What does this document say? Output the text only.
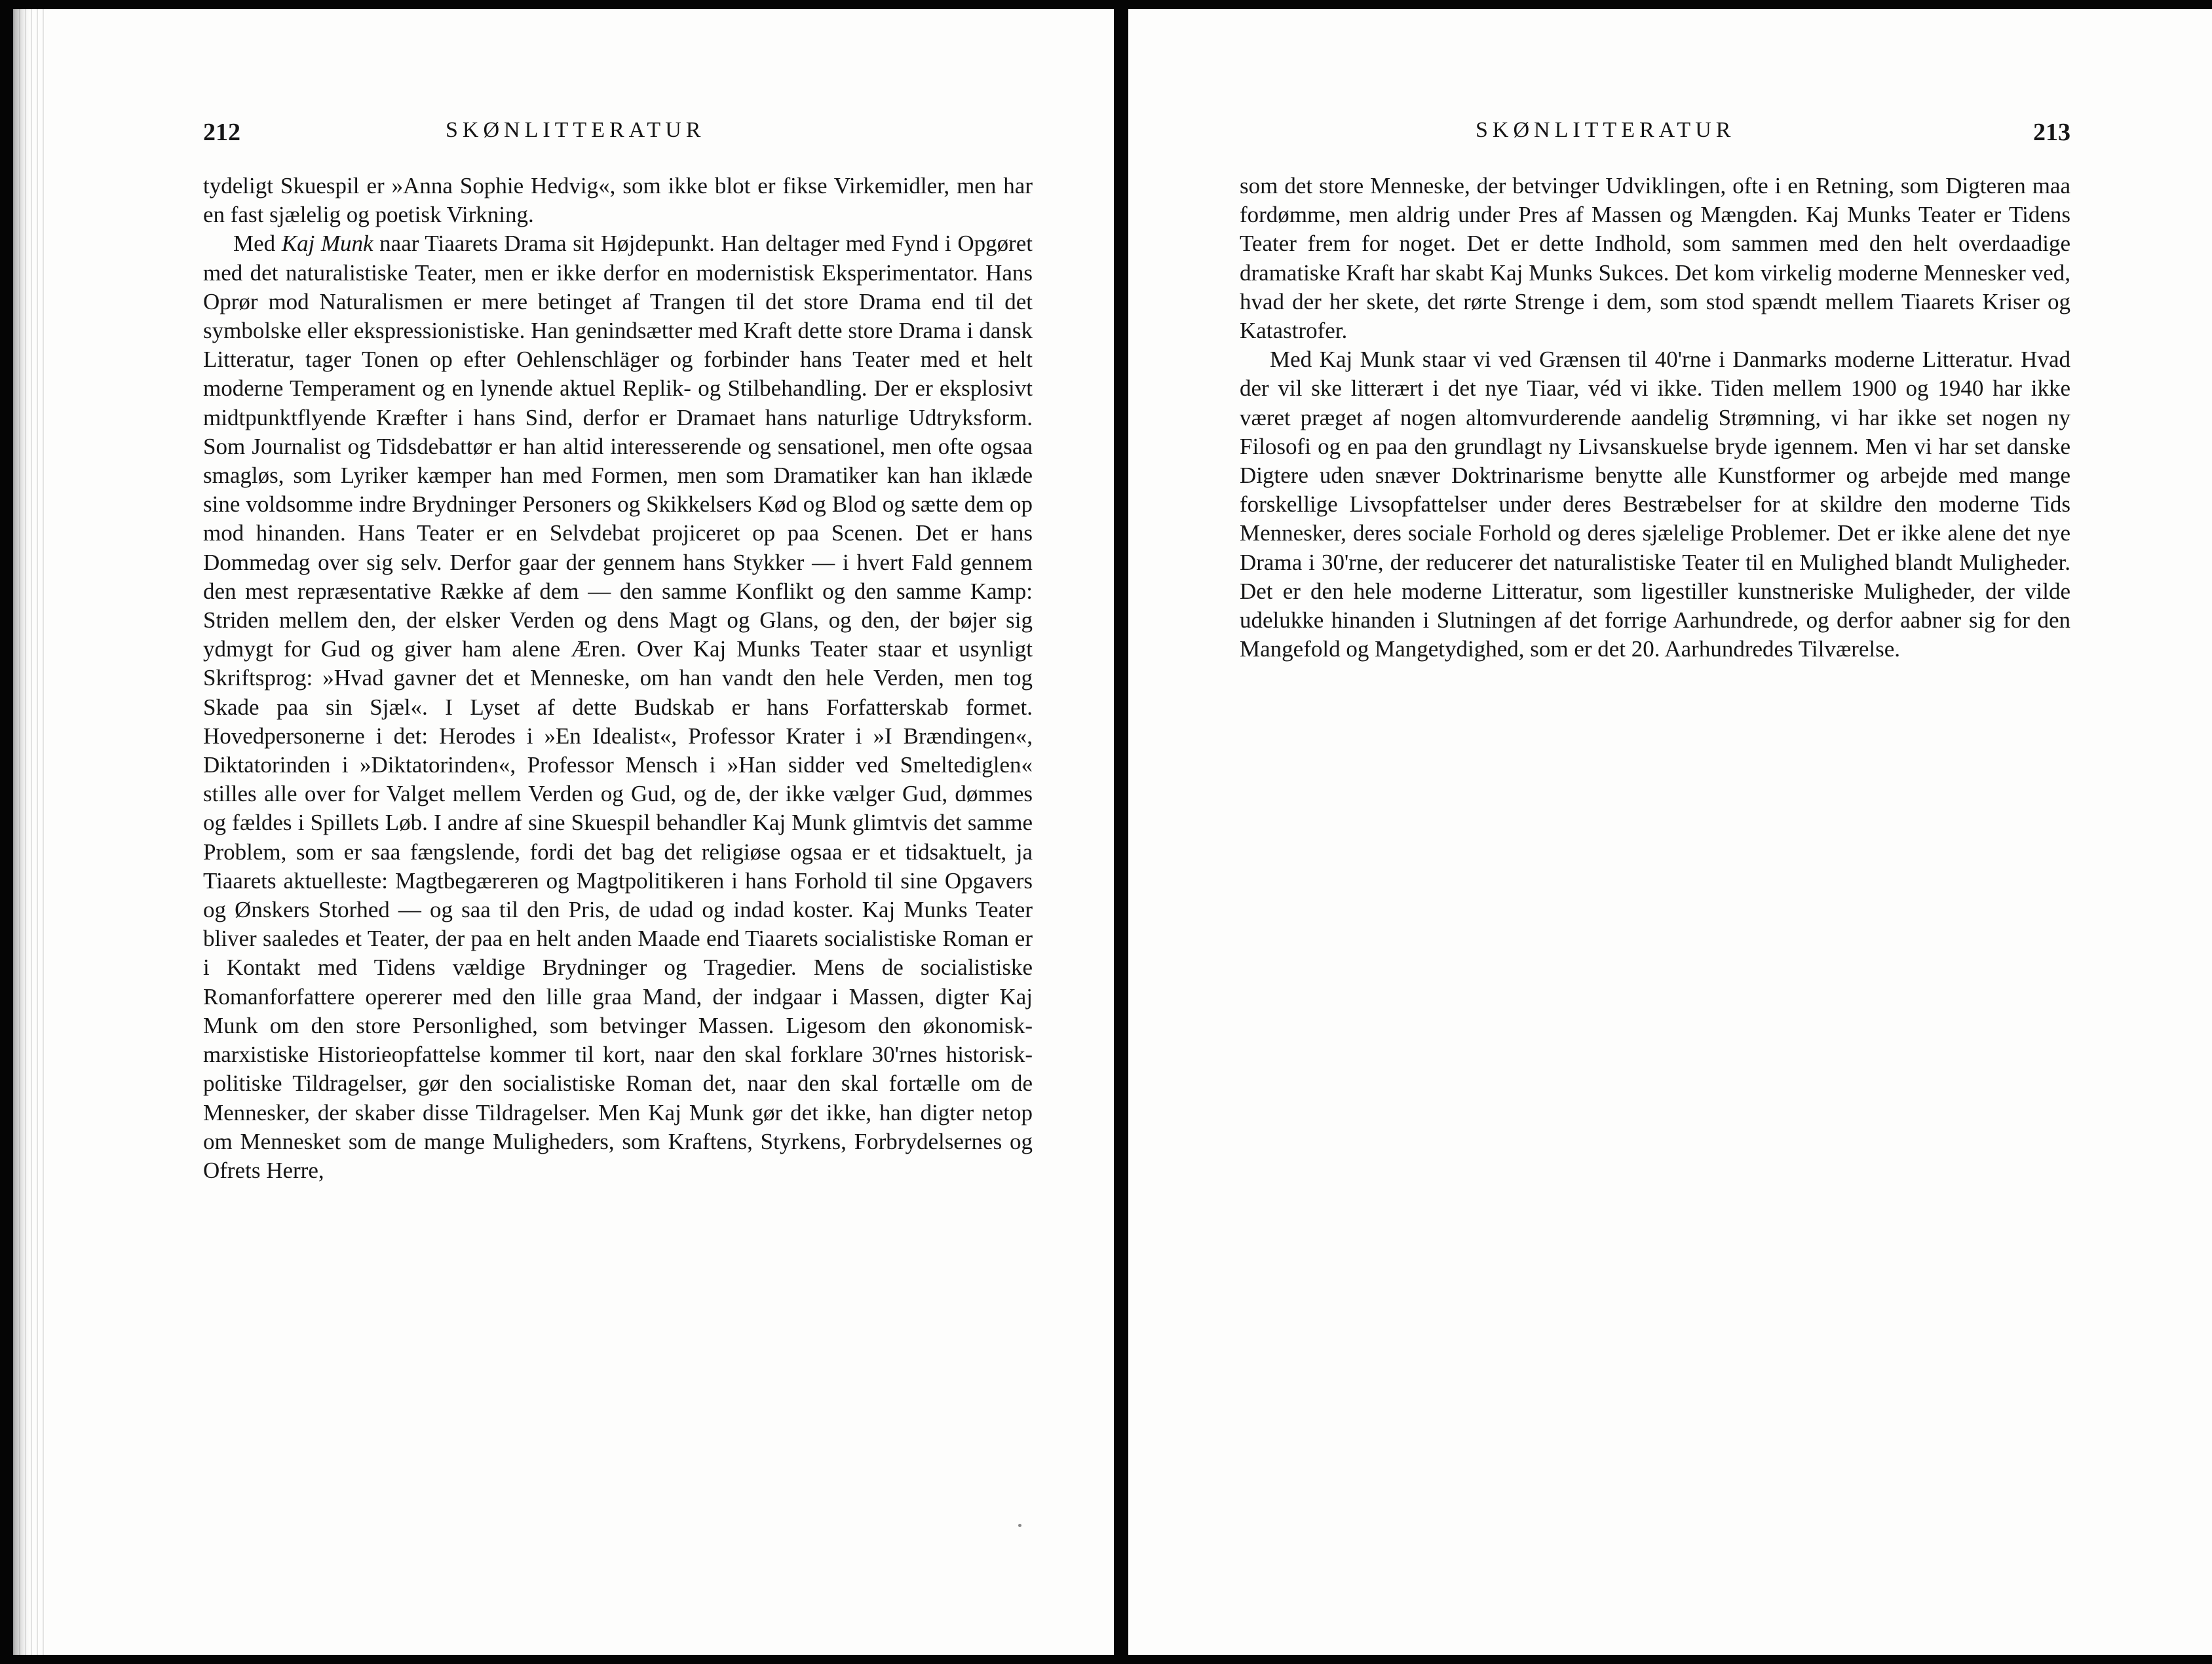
212	SKØNLITTERATUR

tydeligt Skuespil er »Anna Sophie Hedvig«, som ikke blot er fikse Virkemidler, men har en fast sjælelig og poetisk Virkning.

Med Kaj Munk naar Tiaarets Drama sit Højdepunkt. Han deltager med Fynd i Opgøret med det naturalistiske Teater, men er ikke derfor en modernistisk Eksperimentator. Hans Oprør mod Naturalismen er mere betinget af Trangen til det store Drama end til det symbolske eller ekspressionistiske. Han genindsætter med Kraft dette store Drama i dansk Litteratur, tager Tonen op efter Oehlenschläger og forbinder hans Teater med et helt moderne Temperament og en lynende aktuel Replik- og Stilbehandling. Der er eksplosivt midtpunktflyende Kræfter i hans Sind, derfor er Dramaet hans naturlige Udtryksform. Som Journalist og Tidsdebattør er han altid interesserende og sensationel, men ofte ogsaa smagløs, som Lyriker kæmper han med Formen, men som Dramatiker kan han iklæde sine voldsomme indre Brydninger Personers og Skikkelsers Kød og Blod og sætte dem op mod hinanden. Hans Teater er en Selvdebat projiceret op paa Scenen. Det er hans Dommedag over sig selv. Derfor gaar der gennem hans Stykker — i hvert Fald gennem den mest repræsentative Række af dem — den samme Konflikt og den samme Kamp: Striden mellem den, der elsker Verden og dens Magt og Glans, og den, der bøjer sig ydmygt for Gud og giver ham alene Æren. Over Kaj Munks Teater staar et usynligt Skriftsprog: »Hvad gavner det et Menneske, om han vandt den hele Verden, men tog Skade paa sin Sjæl«. I Lyset af dette Budskab er hans Forfatterskab formet. Hovedpersonerne i det: Herodes i »En Idealist«, Professor Krater i »I Brændingen«, Diktatorinden i »Diktatorinden«, Professor Mensch i »Han sidder ved Smeltediglen« stilles alle over for Valget mellem Verden og Gud, og de, der ikke vælger Gud, dømmes og fældes i Spillets Løb. I andre af sine Skuespil behandler Kaj Munk glimtvis det samme Problem, som er saa fængslende, fordi det bag det religiøse ogsaa er et tidsaktuelt, ja Tiaarets aktuelleste: Magtbegæreren og Magtpolitikeren i hans Forhold til sine Opgavers og Ønskers Storhed — og saa til den Pris, de udad og indad koster. Kaj Munks Teater bliver saaledes et Teater, der paa en helt anden Maade end Tiaarets socialistiske Roman er i Kontakt med Tidens vældige Brydninger og Tragedier. Mens de socialistiske Romanforfattere opererer med den lille graa Mand, der indgaar i Massen, digter Kaj Munk om den store Personlighed, som betvinger Massen. Ligesom den økonomisk-marxistiske Historieopfattelse kommer til kort, naar den skal forklare 30'rnes historisk-politiske Tildragelser, gør den socialistiske Roman det, naar den skal fortælle om de Mennesker, der skaber disse Tildragelser. Men Kaj Munk gør det ikke, han digter netop om Mennesket som de mange Muligheders, som Kraftens, Styrkens, Forbrydelsernes og Ofrets Herre,

SKØNLITTERATUR	213

som det store Menneske, der betvinger Udviklingen, ofte i en Retning, som Digteren maa fordømme, men aldrig under Pres af Massen og Mængden. Kaj Munks Teater er Tidens Teater frem for noget. Det er dette Indhold, som sammen med den helt overdaadige dramatiske Kraft har skabt Kaj Munks Sukces. Det kom virkelig moderne Mennesker ved, hvad der her skete, det rørte Strenge i dem, som stod spændt mellem Tiaarets Kriser og Katastrofer.

Med Kaj Munk staar vi ved Grænsen til 40'rne i Danmarks moderne Litteratur. Hvad der vil ske litterært i det nye Tiaar, véd vi ikke. Tiden mellem 1900 og 1940 har ikke været præget af nogen altomvurderende aandelig Strømning, vi har ikke set nogen ny Filosofi og en paa den grundlagt ny Livsanskuelse bryde igennem. Men vi har set danske Digtere uden snæver Doktrinarisme benytte alle Kunstformer og arbejde med mange forskellige Livsopfattelser under deres Bestræbelser for at skildre den moderne Tids Mennesker, deres sociale Forhold og deres sjælelige Problemer. Det er ikke alene det nye Drama i 30'rne, der reducerer det naturalistiske Teater til en Mulighed blandt Muligheder. Det er den hele moderne Litteratur, som ligestiller kunstneriske Muligheder, der vilde udelukke hinanden i Slutningen af det forrige Aarhundrede, og derfor aabner sig for den Mangefold og Mangetydighed, som er det 20. Aarhundredes Tilværelse.
